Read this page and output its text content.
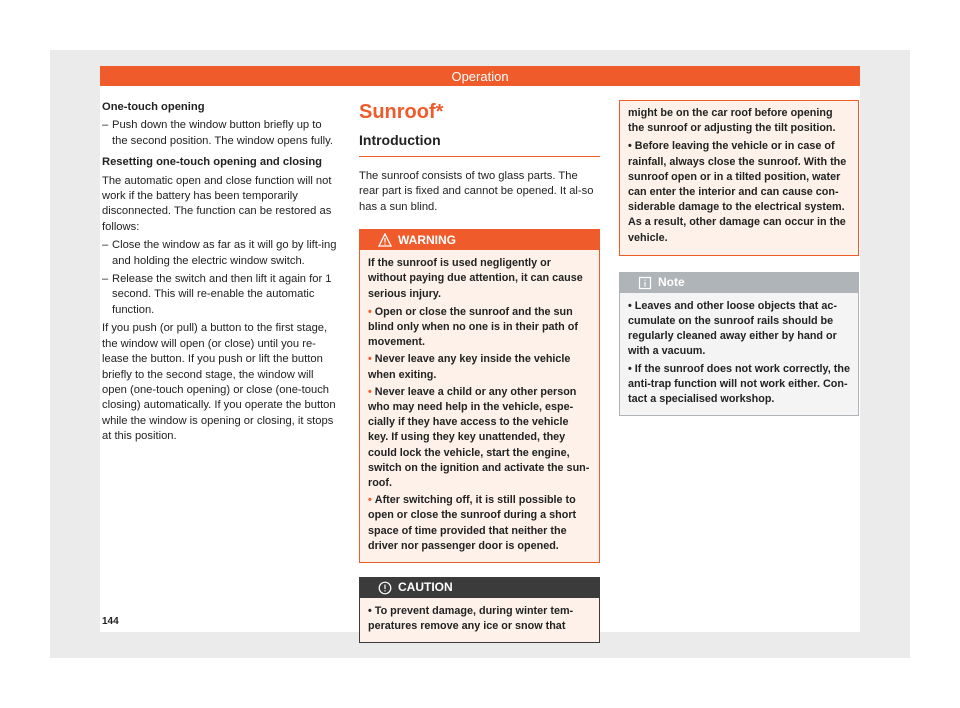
Operation

One-touch opening

– Push down the window button briefly up to the second position. The window opens fully.

Resetting one-touch opening and closing

The automatic open and close function will not work if the battery has been temporarily disconnected. The function can be restored as follows:

– Close the window as far as it will go by lift-ing and holding the electric window switch.
– Release the switch and then lift it again for 1 second. This will re-enable the automatic function.

If you push (or pull) a button to the first stage, the window will open (or close) until you re-lease the button. If you push or lift the button briefly to the second stage, the window will open (one-touch opening) or close (one-touch closing) automatically. If you operate the button while the window is opening or closing, it stops at this position.

Sunroof*
Introduction

The sunroof consists of two glass parts. The rear part is fixed and cannot be opened. It al-so has a sun blind.

WARNING

If the sunroof is used negligently or without paying due attention, it can cause serious injury.

• Open or close the sunroof and the sun blind only when no one is in their path of movement.

• Never leave any key inside the vehicle when exiting.

• Never leave a child or any other person who may need help in the vehicle, espe-cially if they have access to the vehicle key. If using they key unattended, they could lock the vehicle, start the engine, switch on the ignition and activate the sun-roof.

• After switching off, it is still possible to open or close the sunroof during a short space of time provided that neither the driver nor passenger door is opened.

CAUTION

• To prevent damage, during winter tem-peratures remove any ice or snow that

might be on the car roof before opening the sunroof or adjusting the tilt position.

• Before leaving the vehicle or in case of rainfall, always close the sunroof. With the sunroof open or in a tilted position, water can enter the interior and can cause con-siderable damage to the electrical system. As a result, other damage can occur in the vehicle.

Note

• Leaves and other loose objects that ac-cumulate on the sunroof rails should be regularly cleaned away either by hand or with a vacuum.

• If the sunroof does not work correctly, the anti-trap function will not work either. Con-tact a specialised workshop.

144
